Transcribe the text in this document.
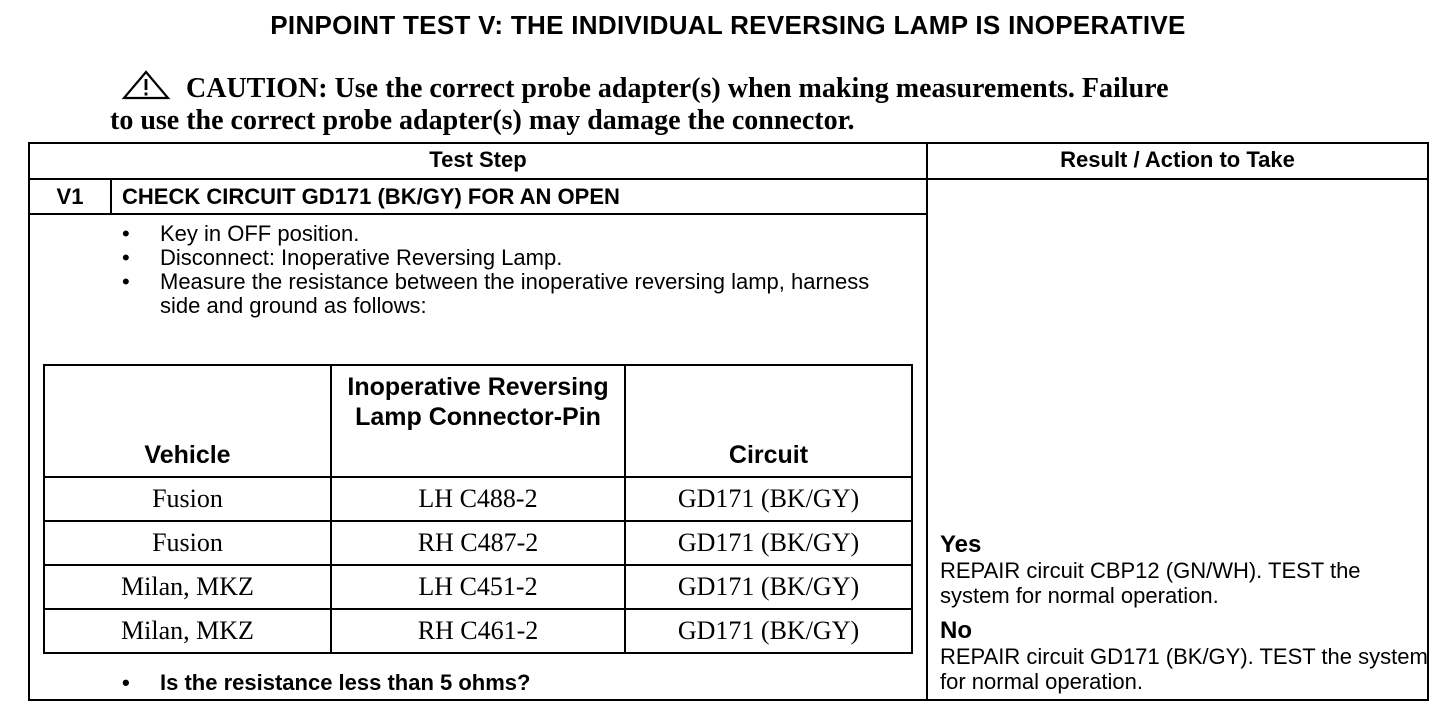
PINPOINT TEST V: THE INDIVIDUAL REVERSING LAMP IS INOPERATIVE
CAUTION: Use the correct probe adapter(s) when making measurements. Failure
to use the correct probe adapter(s) may damage the connector.
Test Step	Result / Action to Take
V1	CHECK CIRCUIT GD171 (BK/GY) FOR AN OPEN
• Key in OFF position.
• Disconnect: Inoperative Reversing Lamp.
• Measure the resistance between the inoperative reversing lamp, harness side and ground as follows:
Vehicle	Inoperative Reversing Lamp Connector-Pin	Circuit
Fusion	LH C488-2	GD171 (BK/GY)
Fusion	RH C487-2	GD171 (BK/GY)
Milan, MKZ	LH C451-2	GD171 (BK/GY)
Milan, MKZ	RH C461-2	GD171 (BK/GY)
• Is the resistance less than 5 ohms?
Yes
REPAIR circuit CBP12 (GN/WH). TEST the system for normal operation.
No
REPAIR circuit GD171 (BK/GY). TEST the system for normal operation.
